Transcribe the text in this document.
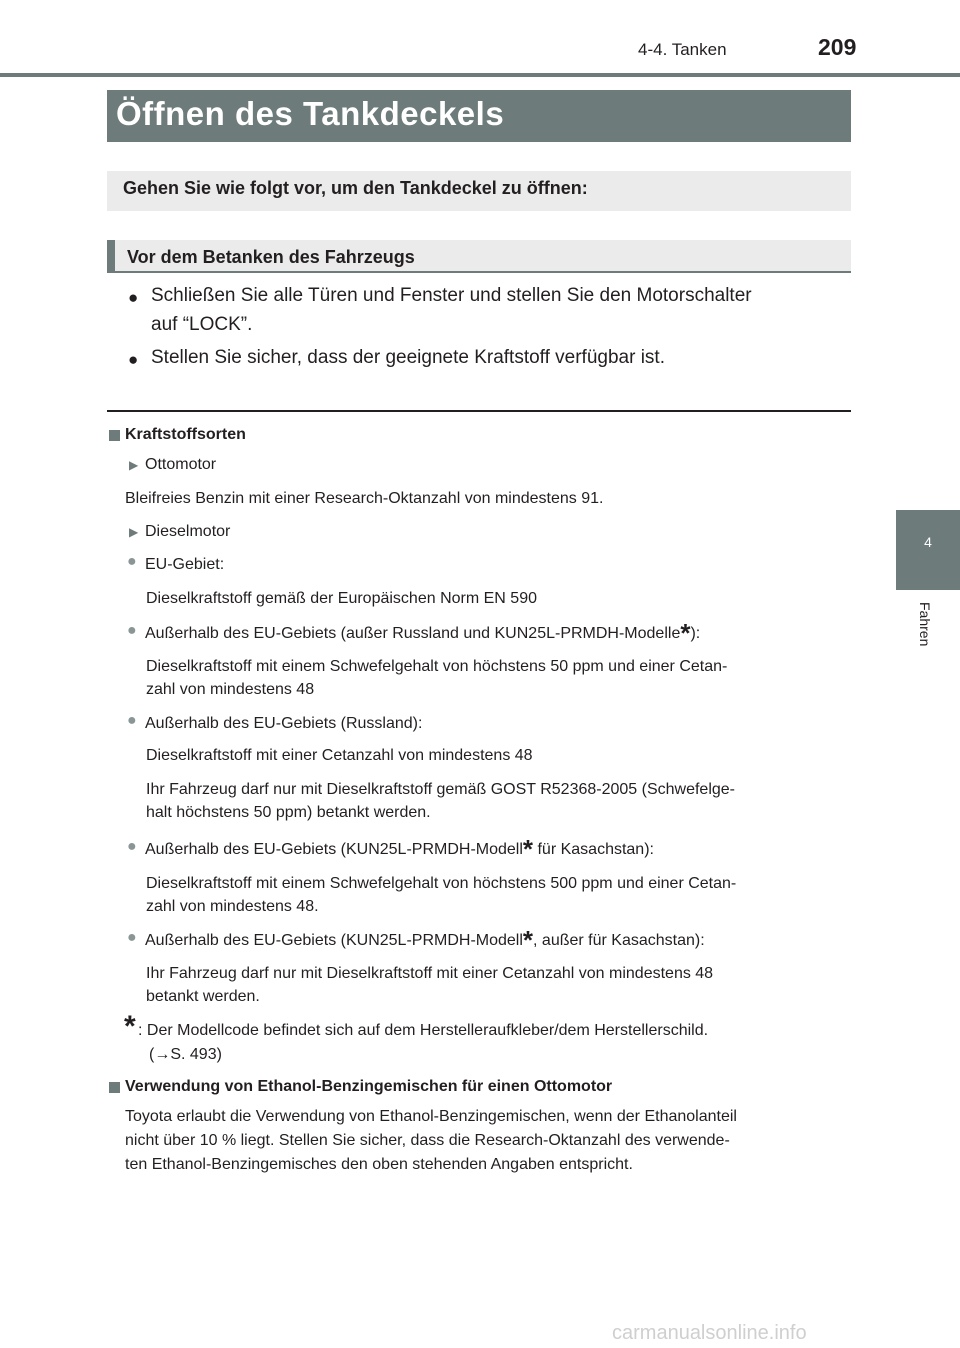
4-4. Tanken	209
4
Fahren
Öffnen des Tankdeckels
Gehen Sie wie folgt vor, um den Tankdeckel zu öffnen:
Vor dem Betanken des Fahrzeugs
● Schließen Sie alle Türen und Fenster und stellen Sie den Motorschalter
auf “LOCK”.
● Stellen Sie sicher, dass der geeignete Kraftstoff verfügbar ist.
Kraftstoffsorten
▶ Ottomotor
Bleifreies Benzin mit einer Research-Oktanzahl von mindestens 91.
▶ Dieselmotor
● EU-Gebiet:
Dieselkraftstoff gemäß der Europäischen Norm EN 590
● Außerhalb des EU-Gebiets (außer Russland und KUN25L-PRMDH-Modelle*):
Dieselkraftstoff mit einem Schwefelgehalt von höchstens 50 ppm und einer Cetan-
zahl von mindestens 48
● Außerhalb des EU-Gebiets (Russland):
Dieselkraftstoff mit einer Cetanzahl von mindestens 48
Ihr Fahrzeug darf nur mit Dieselkraftstoff gemäß GOST R52368-2005 (Schwefelge-
halt höchstens 50 ppm) betankt werden.
● Außerhalb des EU-Gebiets (KUN25L-PRMDH-Modell* für Kasachstan):
Dieselkraftstoff mit einem Schwefelgehalt von höchstens 500 ppm und einer Cetan-
zahl von mindestens 48.
● Außerhalb des EU-Gebiets (KUN25L-PRMDH-Modell*, außer für Kasachstan):
Ihr Fahrzeug darf nur mit Dieselkraftstoff mit einer Cetanzahl von mindestens 48
betankt werden.
* : Der Modellcode befindet sich auf dem Herstelleraufkleber/dem Herstellerschild.
(→S. 493)
Verwendung von Ethanol-Benzingemischen für einen Ottomotor
Toyota erlaubt die Verwendung von Ethanol-Benzingemischen, wenn der Ethanolanteil
nicht über 10 % liegt. Stellen Sie sicher, dass die Research-Oktanzahl des verwende-
ten Ethanol-Benzingemisches den oben stehenden Angaben entspricht.
carmanualsonline.info
